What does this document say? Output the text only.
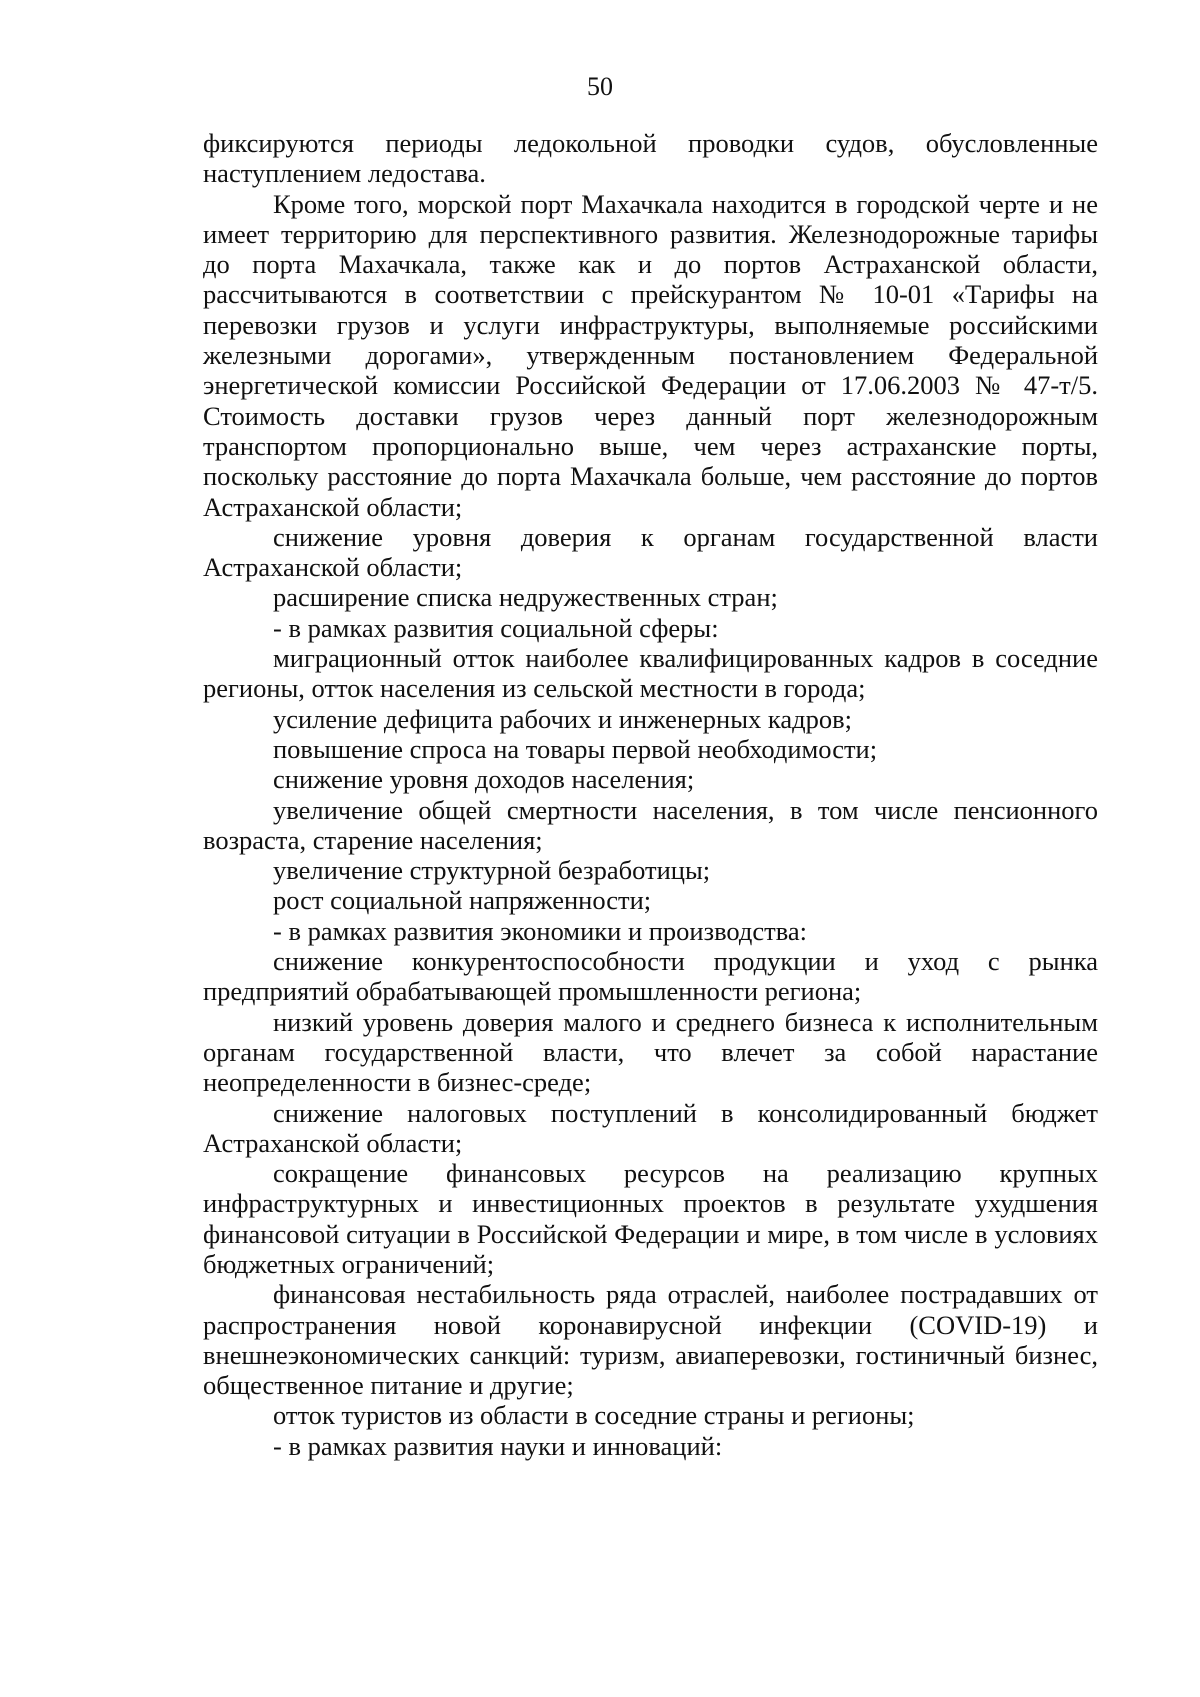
50

фиксируются периоды ледокольной проводки судов, обусловленные наступлением ледостава.

Кроме того, морской порт Махачкала находится в городской черте и не имеет территорию для перспективного развития. Железнодорожные тарифы до порта Махачкала, также как и до портов Астраханской области, рассчитываются в соответствии с прейскурантом № 10-01 «Тарифы на перевозки грузов и услуги инфраструктуры, выполняемые российскими железными дорогами», утвержденным постановлением Федеральной энергетической комиссии Российской Федерации от 17.06.2003 № 47-т/5. Стоимость доставки грузов через данный порт железнодорожным транспортом пропорционально выше, чем через астраханские порты, поскольку расстояние до порта Махачкала больше, чем расстояние до портов Астраханской области;

снижение уровня доверия к органам государственной власти Астраханской области;

расширение списка недружественных стран;

- в рамках развития социальной сферы:

миграционный отток наиболее квалифицированных кадров в соседние регионы, отток населения из сельской местности в города;

усиление дефицита рабочих и инженерных кадров;

повышение спроса на товары первой необходимости;

снижение уровня доходов населения;

увеличение общей смертности населения, в том числе пенсионного возраста, старение населения;

увеличение структурной безработицы;

рост социальной напряженности;

- в рамках развития экономики и производства:

снижение конкурентоспособности продукции и уход с рынка предприятий обрабатывающей промышленности региона;

низкий уровень доверия малого и среднего бизнеса к исполнительным органам государственной власти, что влечет за собой нарастание неопределенности в бизнес-среде;

снижение налоговых поступлений в консолидированный бюджет Астраханской области;

сокращение финансовых ресурсов на реализацию крупных инфраструктурных и инвестиционных проектов в результате ухудшения финансовой ситуации в Российской Федерации и мире, в том числе в условиях бюджетных ограничений;

финансовая нестабильность ряда отраслей, наиболее пострадавших от распространения новой коронавирусной инфекции (COVID-19) и внешнеэкономических санкций: туризм, авиаперевозки, гостиничный бизнес, общественное питание и другие;

отток туристов из области в соседние страны и регионы;

- в рамках развития науки и инноваций:
